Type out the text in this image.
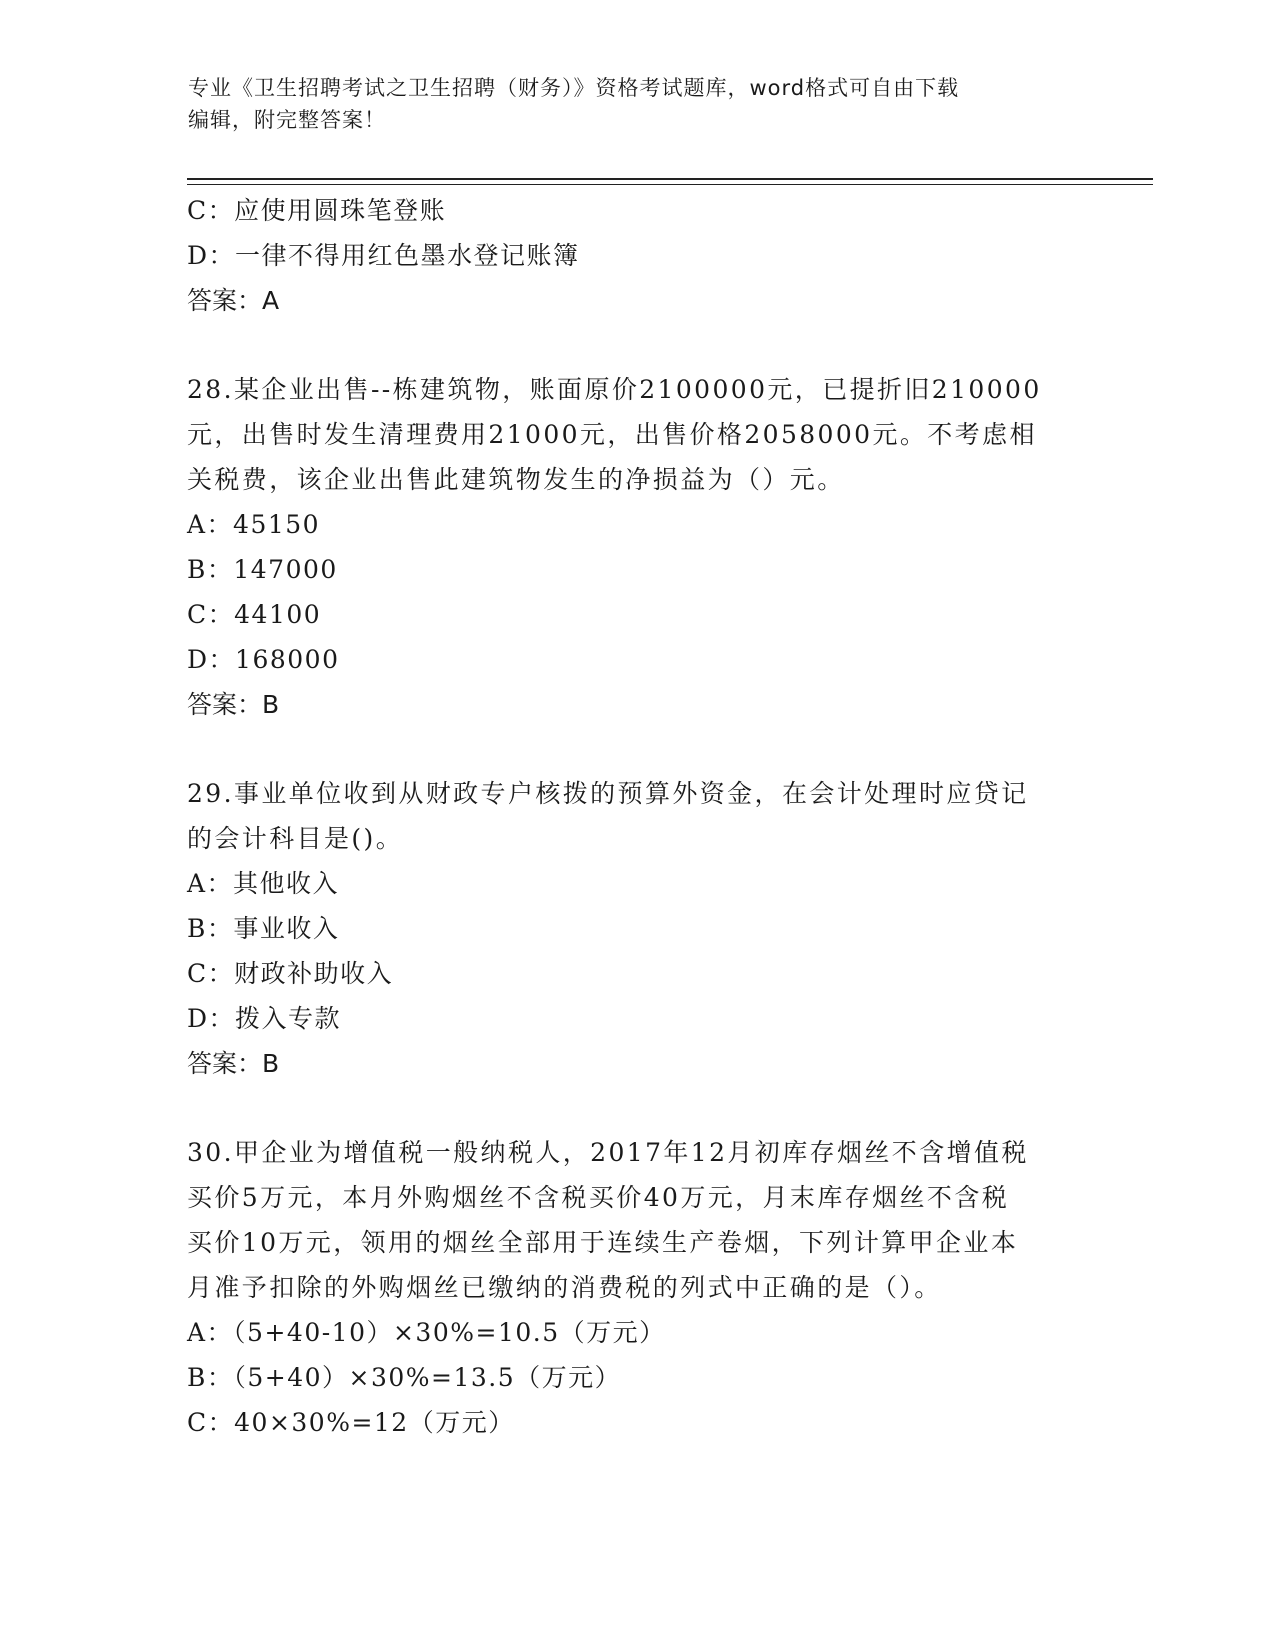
专业《卫生招聘考试之卫生招聘（财务）》资格考试题库，word格式可自由下载
编辑，附完整答案！
C：应使用圆珠笔登账
D：一律不得用红色墨水登记账簿
答案：A
28.某企业出售--栋建筑物，账面原价2100000元，已提折旧210000
元，出售时发生清理费用21000元，出售价格2058000元。不考虑相
关税费，该企业出售此建筑物发生的净损益为（）元。
A：45150
B：147000
C：44100
D：168000
答案：B
29.事业单位收到从财政专户核拨的预算外资金，在会计处理时应贷记
的会计科目是()。
A：其他收入
B：事业收入
C：财政补助收入
D：拨入专款
答案：B
30.甲企业为增值税一般纳税人，2017年12月初库存烟丝不含增值税
买价5万元，本月外购烟丝不含税买价40万元，月末库存烟丝不含税
买价10万元，领用的烟丝全部用于连续生产卷烟，下列计算甲企业本
月准予扣除的外购烟丝已缴纳的消费税的列式中正确的是（）。
A：（5+40-10）×30%=10.5（万元）
B：（5+40）×30%=13.5（万元）
C：40×30%=12（万元）
